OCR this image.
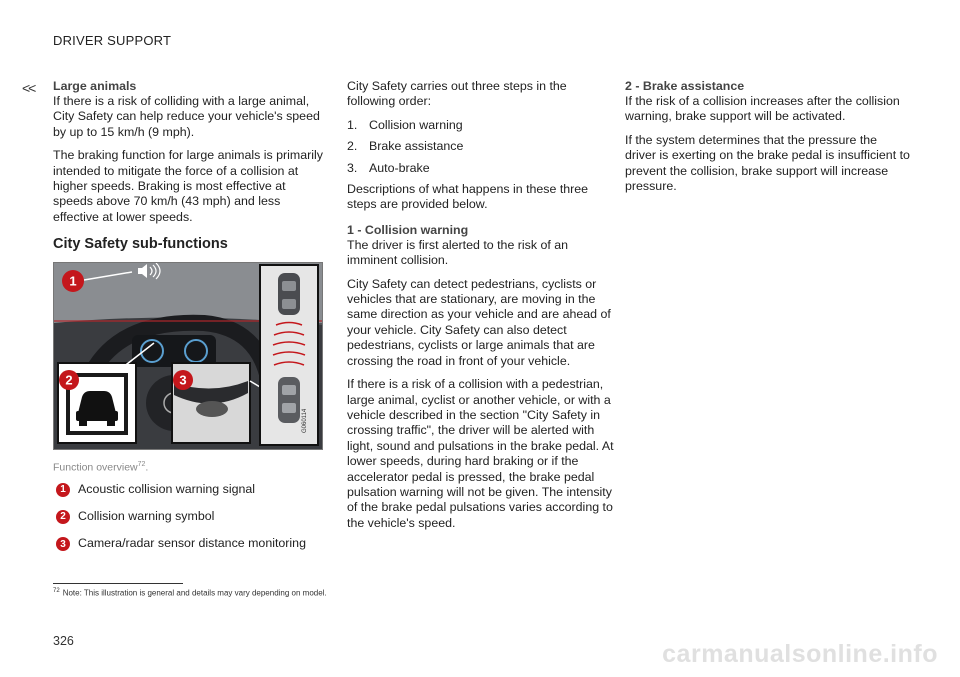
DRIVER SUPPORT
<< Large animals

If there is a risk of colliding with a large animal, City Safety can help reduce your vehicle's speed by up to 15 km/h (9 mph).

The braking function for large animals is primarily intended to mitigate the force of a collision at higher speeds. Braking is most effective at speeds above 70 km/h (43 mph) and less effective at lower speeds.

City Safety sub-functions

1
2	3
G060114

Function overview$^{72}$.

1 Acoustic collision warning signal
2 Collision warning symbol
3 Camera/radar sensor distance monitoring

City Safety carries out three steps in the following order:

1. Collision warning
2. Brake assistance
3. Auto-brake

Descriptions of what happens in these three steps are provided below.

1 - Collision warning

The driver is first alerted to the risk of an imminent collision.

City Safety can detect pedestrians, cyclists or vehicles that are stationary, are moving in the same direction as your vehicle and are ahead of your vehicle. City Safety can also detect pedestrians, cyclists or large animals that are crossing the road in front of your vehicle.

If there is a risk of a collision with a pedestrian, large animal, cyclist or another vehicle, or with a vehicle described in the section "City Safety in crossing traffic", the driver will be alerted with light, sound and pulsations in the brake pedal. At lower speeds, during hard braking or if the accelerator pedal is pressed, the brake pedal pulsation warning will not be given. The intensity of the brake pedal pulsations varies according to the vehicle's speed.

2 - Brake assistance

If the risk of a collision increases after the collision warning, brake support will be activated.

If the system determines that the pressure the driver is exerting on the brake pedal is insufficient to prevent the collision, brake support will increase pressure.

$^{72}$ Note: This illustration is general and details may vary depending on model.
326	carmanualsonline.info
